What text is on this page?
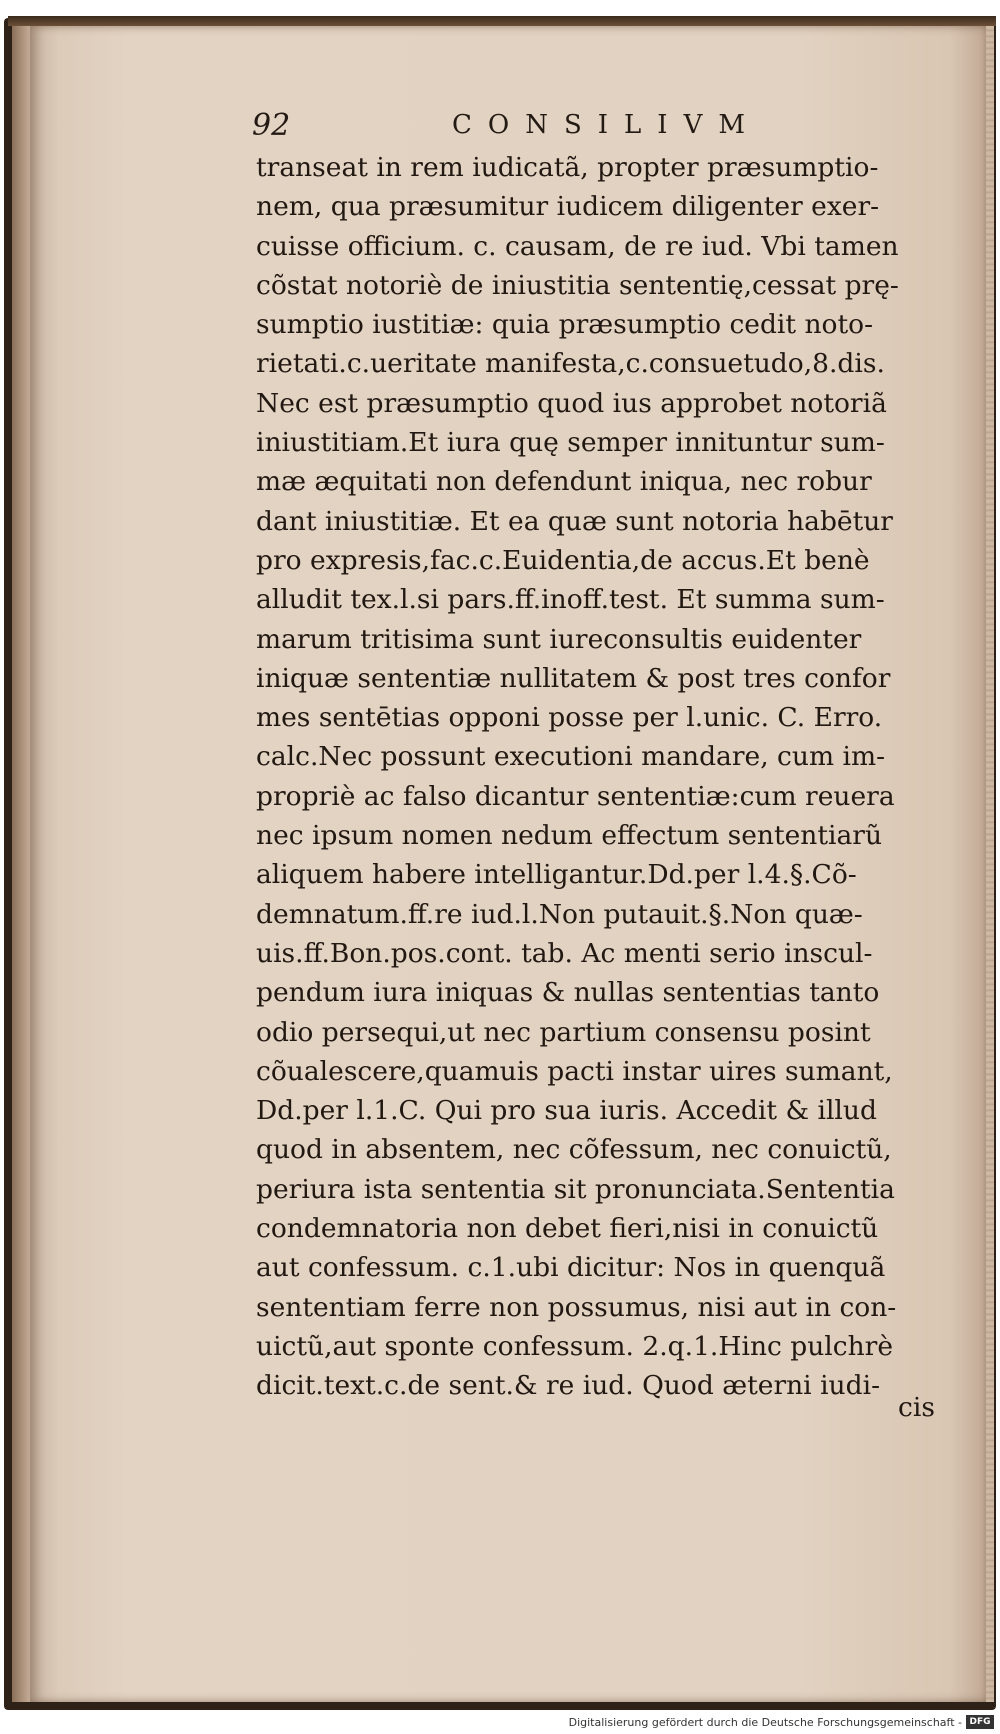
92	CONSILIVM
transeat in rem iudicatã, propter præsumptio-
nem, qua præsumitur iudicem diligenter exer-
cuisse officium. c. causam, de re iud. Vbi tamen
cõstat notoriè de iniustitia sententię,cessat prę-
sumptio iustitiæ: quia præsumptio cedit noto-
rietati.c.ueritate manifesta,c.consuetudo,8.dis.
Nec est præsumptio quod ius approbet notoriã
iniustitiam.Et iura quę semper innituntur sum-
mæ æquitati non defendunt iniqua, nec robur
dant iniustitiæ. Et ea quæ sunt notoria habētur
pro expresis,fac.c.Euidentia,de accus.Et benè
alludit tex.l.si pars.ff.inoff.test. Et summa sum-
marum tritisima sunt iureconsultis euidenter
iniquæ sententiæ nullitatem & post tres confor
mes sentētias opponi posse per l.unic. C. Erro.
calc.Nec possunt executioni mandare, cum im-
propriè ac falso dicantur sententiæ:cum reuera
nec ipsum nomen nedum effectum sententiarũ
aliquem habere intelligantur.Dd.per l.4.§.Cõ-
demnatum.ff.re iud.l.Non putauit.§.Non quæ-
uis.ff.Bon.pos.cont. tab. Ac menti serio inscul-
pendum iura iniquas & nullas sententias tanto
odio persequi,ut nec partium consensu posint
cõualescere,quamuis pacti instar uires sumant,
Dd.per l.1.C. Qui pro sua iuris. Accedit & illud
quod in absentem, nec cõfessum, nec conuictũ,
periura ista sententia sit pronunciata.Sententia
condemnatoria non debet fieri,nisi in conuictũ
aut confessum. c.1.ubi dicitur: Nos in quenquã
sententiam ferre non possumus, nisi aut in con-
uictũ,aut sponte confessum. 2.q.1.Hinc pulchrè
dicit.text.c.de sent.& re iud. Quod æterni iudi-
cis
Digitalisierung gefördert durch die Deutsche Forschungsgemeinschaft - DFG
